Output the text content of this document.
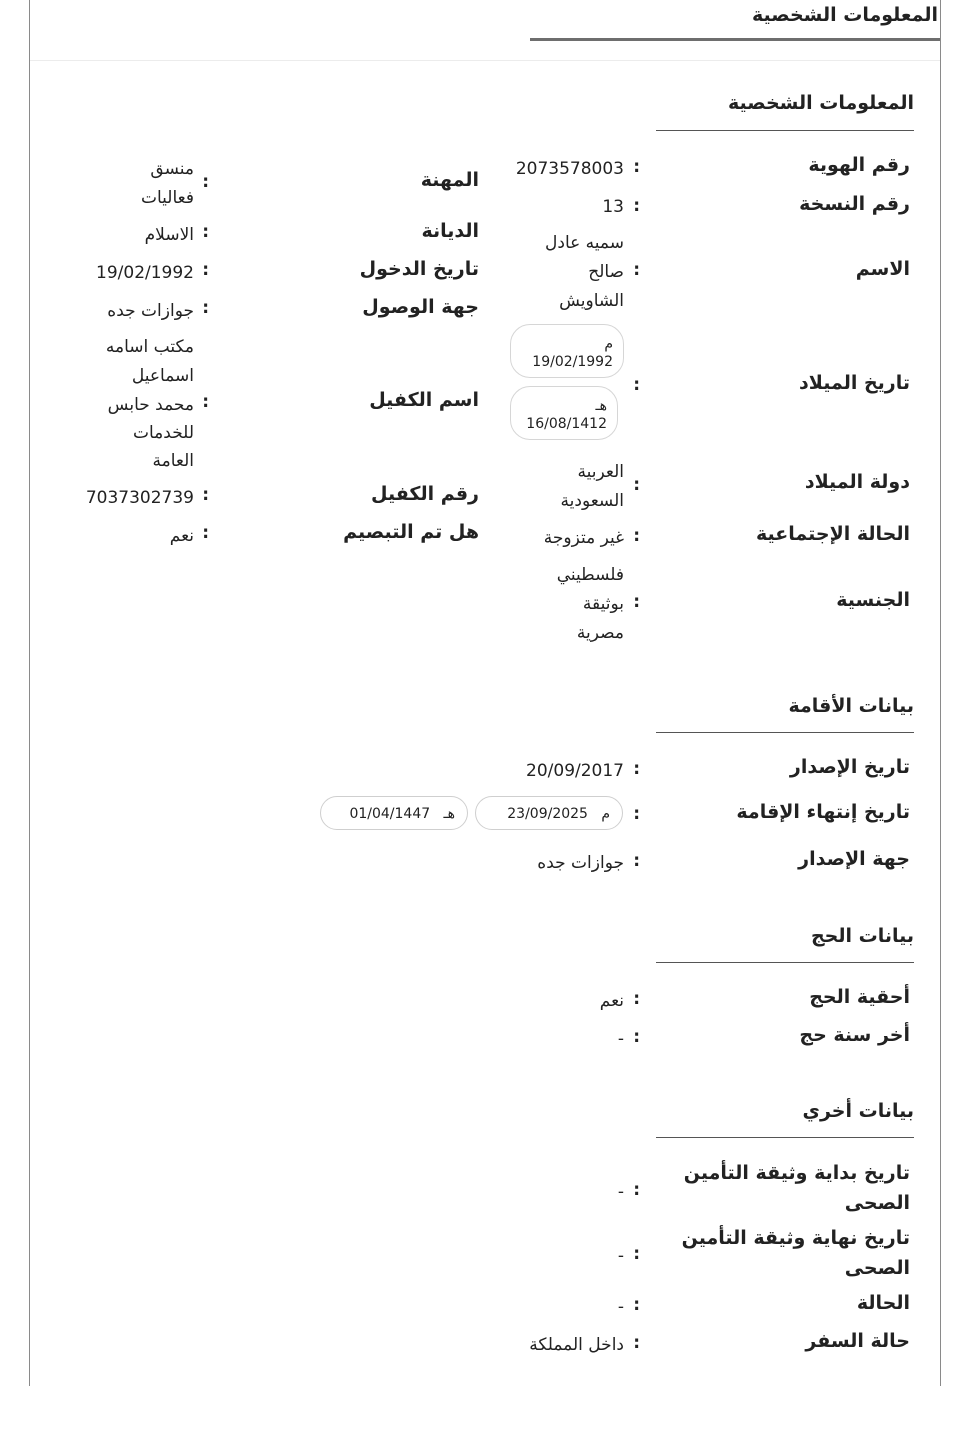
المعلومات الشخصية
المعلومات الشخصية
رقم الهوية
رقم النسخة
الاسم
تاريخ الميلاد
دولة الميلاد
الحالة الإجتماعية
الجنسية
:
:
:
:
:
:
:
2073578003
13
سميه عادل
صالح
الشاويش
م
19/02/1992
هـ
16/08/1412
العربية
السعودية
غير متزوجة
فلسطيني
بوثيقة
مصرية
المهنة
الديانة
تاريخ الدخول
جهة الوصول
اسم الكفيل
رقم الكفيل
هل تم التبصيم
:
:
:
:
:
:
:
منسق
فعاليات
الاسلام
19/02/1992
جوازات جده
مكتب اسامه
اسماعيل
محمد حابس
للخدمات
العامة
7037302739
نعم
بيانات الأقامة
تاريخ الإصدار
:
20/09/2017
تاريخ إنتهاء الإقامة
:
م   23/09/2025
هـ   01/04/1447
جهة الإصدار
:
جوازات جده
بيانات الحج
أحقية الحج
:
نعم
أخر سنة حج
:
-
بيانات أخري
تاريخ بداية وثيقة التأمين
الصحى
:
-
تاريخ نهاية وثيقة التأمين
الصحى
:
-
الحالة
:
-
حالة السفر
:
داخل المملكة
